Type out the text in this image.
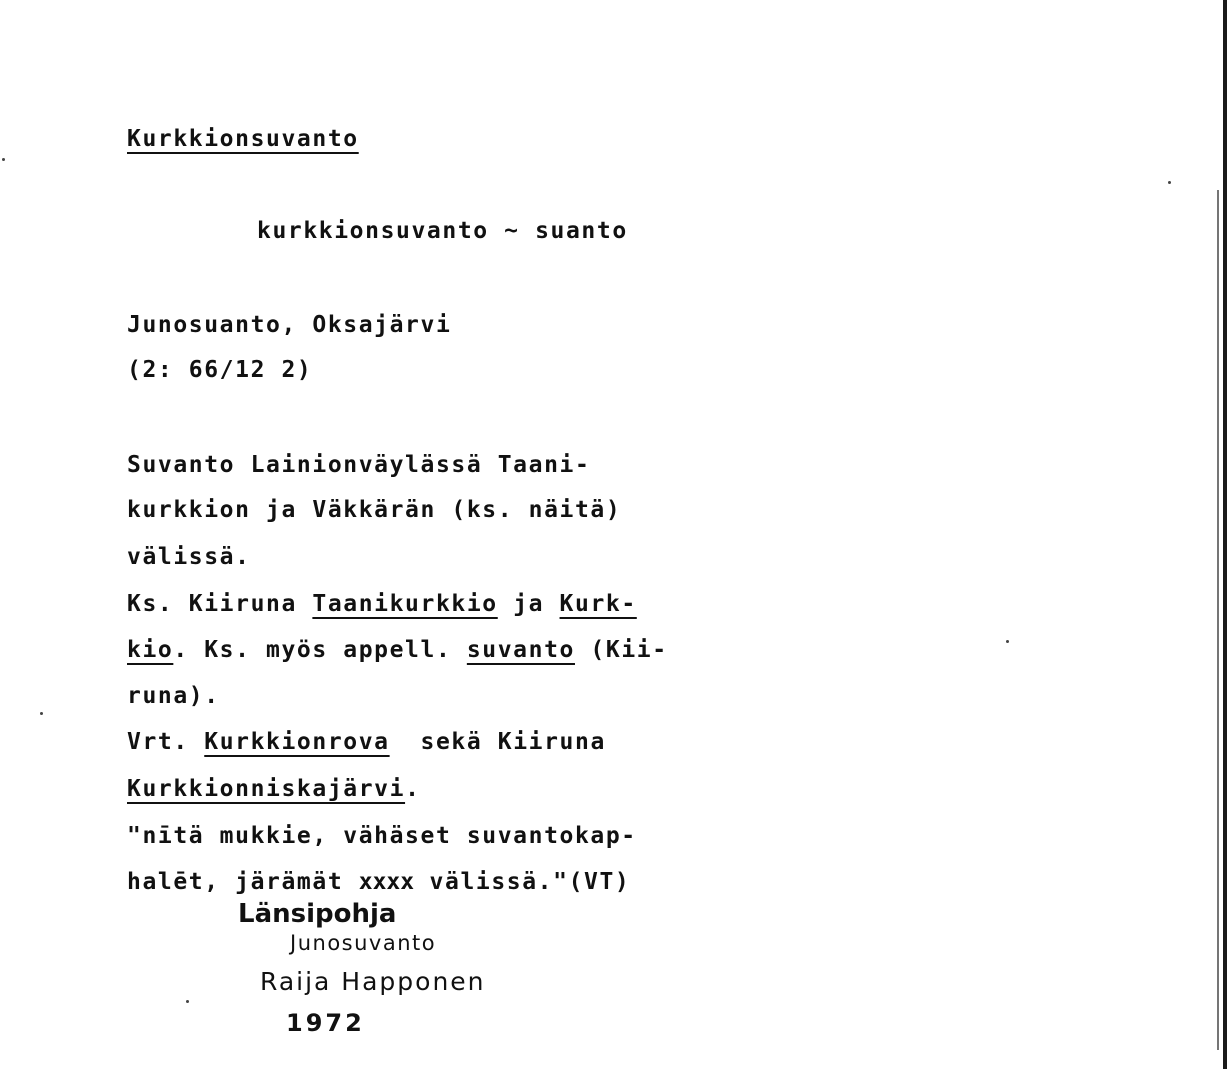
Kurkkionsuvanto
kurkkionsuvanto ~ suanto
Junosuanto, Oksajärvi
(2: 66/12 2)
Suvanto Lainionväylässä Taani-
kurkkion ja Väkkärän (ks. näitä)
välissä.
Ks. Kiiruna Taanikurkkio ja Kurk-
kio. Ks. myös appell. suvanto (Kii-
runa).
Vrt. Kurkkionrova  sekä Kiiruna
Kurkkionniskajärvi.
"nītä mukkie, vähäset suvantokap-
halēt, järämät xxxx välissä."(VT)
Länsipohja
Junosuvanto
Raija Happonen
1972
